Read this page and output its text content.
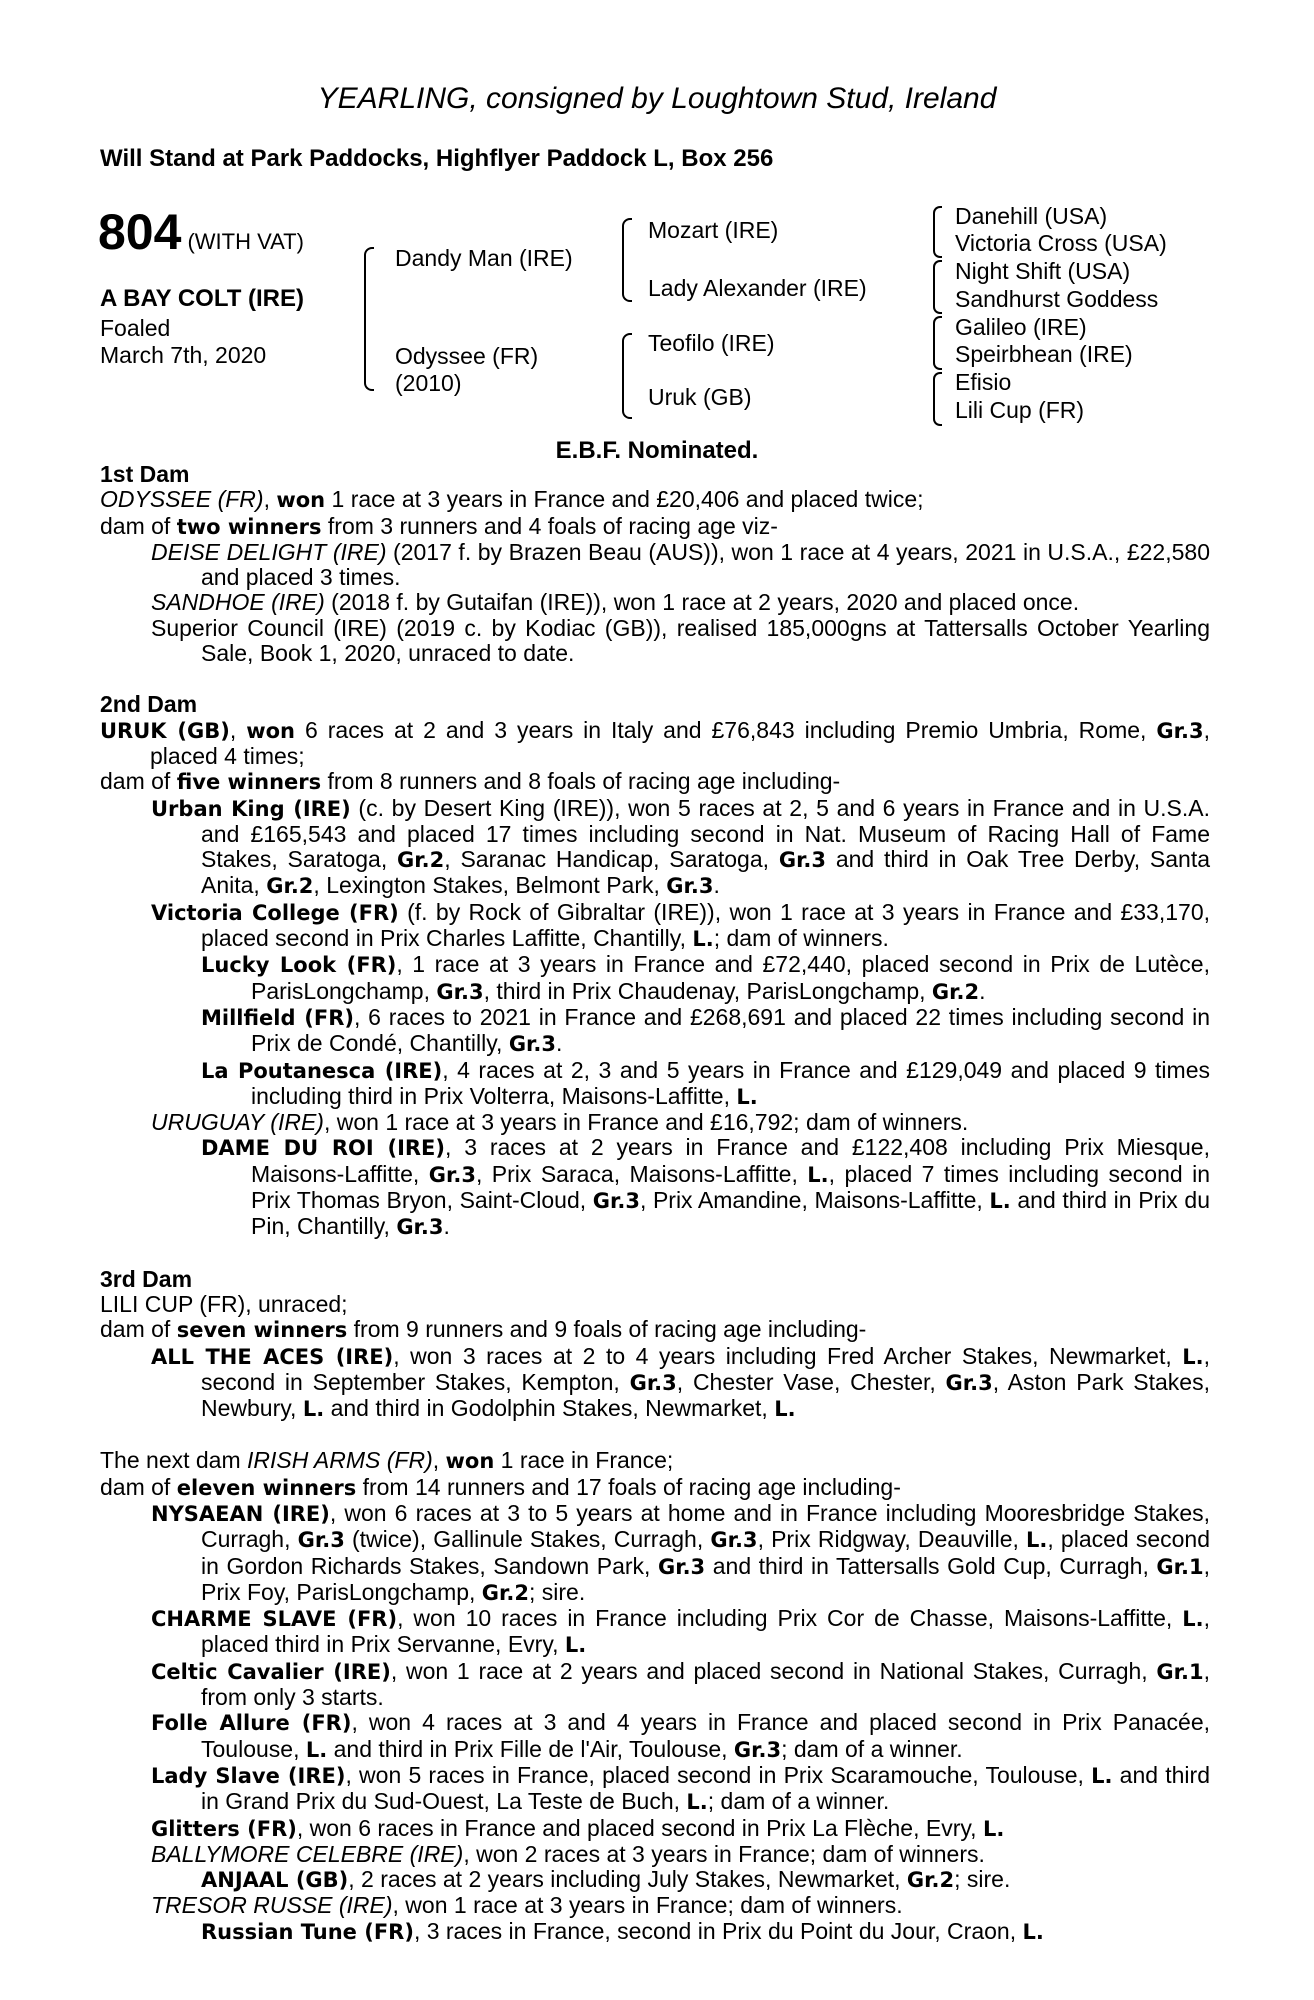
YEARLING, consigned by Loughtown Stud, Ireland
Will Stand at Park Paddocks, Highflyer Paddock L, Box 256
804 (WITH VAT)
A BAY COLT (IRE)
Foaled
March 7th, 2020
Dandy Man (IRE)
Odyssee (FR)
(2010)
Mozart (IRE)
Lady Alexander (IRE)
Teofilo (IRE)
Uruk (GB)
Danehill (USA)
Victoria Cross (USA)
Night Shift (USA)
Sandhurst Goddess
Galileo (IRE)
Speirbhean (IRE)
Efisio
Lili Cup (FR)
E.B.F. Nominated.

1st Dam

ODYSSEE (FR), won 1 race at 3 years in France and £20,406 and placed twice;

dam of two winners from 3 runners and 4 foals of racing age viz-

DEISE DELIGHT (IRE) (2017 f. by Brazen Beau (AUS)), won 1 race at 4 years, 2021 in U.S.A., £22,580 and placed 3 times.

SANDHOE (IRE) (2018 f. by Gutaifan (IRE)), won 1 race at 2 years, 2020 and placed once.

Superior Council (IRE) (2019 c. by Kodiac (GB)), realised 185,000gns at Tattersalls October Yearling Sale, Book 1, 2020, unraced to date.

2nd Dam

URUK (GB), won 6 races at 2 and 3 years in Italy and £76,843 including Premio Umbria, Rome, Gr.3, placed 4 times;

dam of five winners from 8 runners and 8 foals of racing age including-

Urban King (IRE) (c. by Desert King (IRE)), won 5 races at 2, 5 and 6 years in France and in U.S.A. and £165,543 and placed 17 times including second in Nat. Museum of Racing Hall of Fame Stakes, Saratoga, Gr.2, Saranac Handicap, Saratoga, Gr.3 and third in Oak Tree Derby, Santa Anita, Gr.2, Lexington Stakes, Belmont Park, Gr.3.

Victoria College (FR) (f. by Rock of Gibraltar (IRE)), won 1 race at 3 years in France and £33,170, placed second in Prix Charles Laffitte, Chantilly, L.; dam of winners.

Lucky Look (FR), 1 race at 3 years in France and £72,440, placed second in Prix de Lutèce, ParisLongchamp, Gr.3, third in Prix Chaudenay, ParisLongchamp, Gr.2.

Millfield (FR), 6 races to 2021 in France and £268,691 and placed 22 times including second in Prix de Condé, Chantilly, Gr.3.

La Poutanesca (IRE), 4 races at 2, 3 and 5 years in France and £129,049 and placed 9 times including third in Prix Volterra, Maisons-Laffitte, L.

URUGUAY (IRE), won 1 race at 3 years in France and £16,792; dam of winners.

DAME DU ROI (IRE), 3 races at 2 years in France and £122,408 including Prix Miesque, Maisons-Laffitte, Gr.3, Prix Saraca, Maisons-Laffitte, L., placed 7 times including second in Prix Thomas Bryon, Saint-Cloud, Gr.3, Prix Amandine, Maisons-Laffitte, L. and third in Prix du Pin, Chantilly, Gr.3.

3rd Dam

LILI CUP (FR), unraced;

dam of seven winners from 9 runners and 9 foals of racing age including-

ALL THE ACES (IRE), won 3 races at 2 to 4 years including Fred Archer Stakes, Newmarket, L., second in September Stakes, Kempton, Gr.3, Chester Vase, Chester, Gr.3, Aston Park Stakes, Newbury, L. and third in Godolphin Stakes, Newmarket, L.

The next dam IRISH ARMS (FR), won 1 race in France;

dam of eleven winners from 14 runners and 17 foals of racing age including-

NYSAEAN (IRE), won 6 races at 3 to 5 years at home and in France including Mooresbridge Stakes, Curragh, Gr.3 (twice), Gallinule Stakes, Curragh, Gr.3, Prix Ridgway, Deauville, L., placed second in Gordon Richards Stakes, Sandown Park, Gr.3 and third in Tattersalls Gold Cup, Curragh, Gr.1, Prix Foy, ParisLongchamp, Gr.2; sire.

CHARME SLAVE (FR), won 10 races in France including Prix Cor de Chasse, Maisons-Laffitte, L., placed third in Prix Servanne, Evry, L.

Celtic Cavalier (IRE), won 1 race at 2 years and placed second in National Stakes, Curragh, Gr.1, from only 3 starts.

Folle Allure (FR), won 4 races at 3 and 4 years in France and placed second in Prix Panacée, Toulouse, L. and third in Prix Fille de l'Air, Toulouse, Gr.3; dam of a winner.

Lady Slave (IRE), won 5 races in France, placed second in Prix Scaramouche, Toulouse, L. and third in Grand Prix du Sud-Ouest, La Teste de Buch, L.; dam of a winner.

Glitters (FR), won 6 races in France and placed second in Prix La Flèche, Evry, L.

BALLYMORE CELEBRE (IRE), won 2 races at 3 years in France; dam of winners.

ANJAAL (GB), 2 races at 2 years including July Stakes, Newmarket, Gr.2; sire.

TRESOR RUSSE (IRE), won 1 race at 3 years in France; dam of winners.

Russian Tune (FR), 3 races in France, second in Prix du Point du Jour, Craon, L.
